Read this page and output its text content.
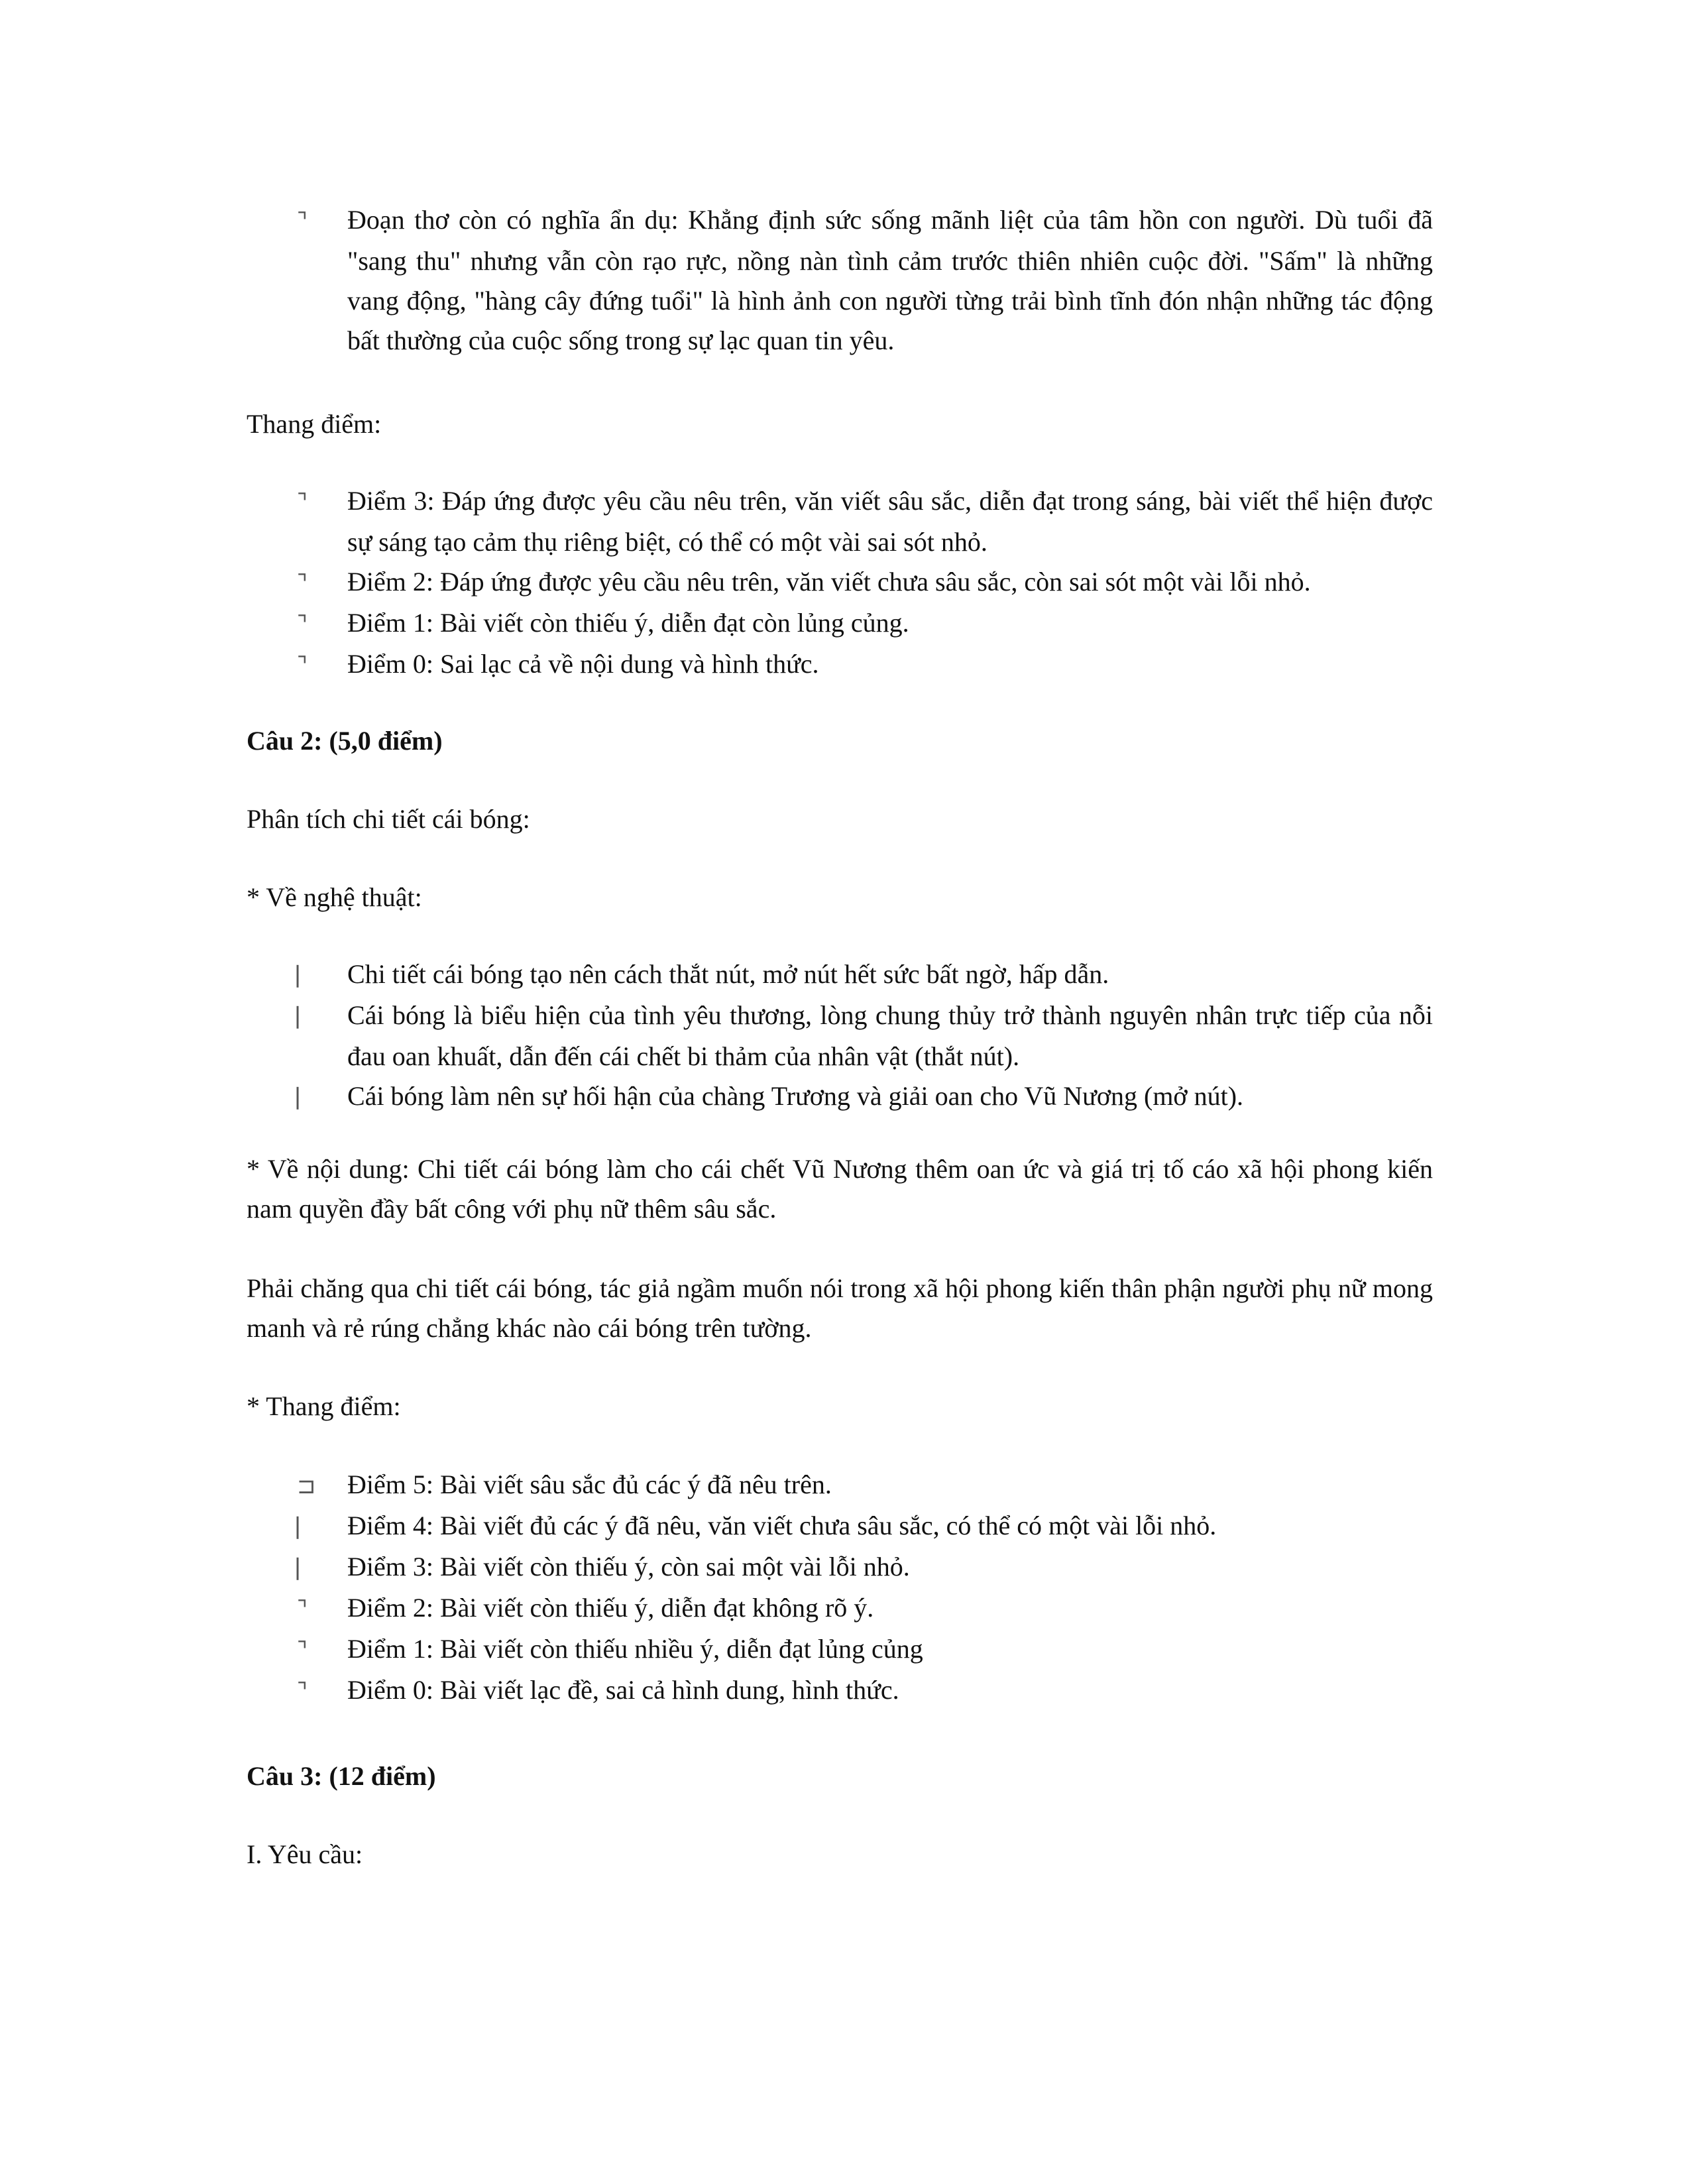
⌝ Đoạn thơ còn có nghĩa ẩn dụ: Khẳng định sức sống mãnh liệt của tâm hồn con người. Dù tuổi đã "sang thu" nhưng vẫn còn rạo rực, nồng nàn tình cảm trước thiên nhiên cuộc đời. "Sấm" là những vang động, "hàng cây đứng tuổi" là hình ảnh con người từng trải bình tĩnh đón nhận những tác động bất thường của cuộc sống trong sự lạc quan tin yêu.

Thang điểm:

⌝ Điểm 3: Đáp ứng được yêu cầu nêu trên, văn viết sâu sắc, diễn đạt trong sáng, bài viết thể hiện được sự sáng tạo cảm thụ riêng biệt, có thể có một vài sai sót nhỏ.
⌝ Điểm 2: Đáp ứng được yêu cầu nêu trên, văn viết chưa sâu sắc, còn sai sót một vài lỗi nhỏ.
⌝ Điểm 1: Bài viết còn thiếu ý, diễn đạt còn lủng củng.
⌝ Điểm 0: Sai lạc cả về nội dung và hình thức.

Câu 2: (5,0 điểm)

Phân tích chi tiết cái bóng:

* Về nghệ thuật:

⎸ Chi tiết cái bóng tạo nên cách thắt nút, mở nút hết sức bất ngờ, hấp dẫn.
⎸ Cái bóng là biểu hiện của tình yêu thương, lòng chung thủy trở thành nguyên nhân trực tiếp của nỗi đau oan khuất, dẫn đến cái chết bi thảm của nhân vật (thắt nút).
⎸ Cái bóng làm nên sự hối hận của chàng Trương và giải oan cho Vũ Nương (mở nút).

* Về nội dung: Chi tiết cái bóng làm cho cái chết Vũ Nương thêm oan ức và giá trị tố cáo xã hội phong kiến nam quyền đầy bất công với phụ nữ thêm sâu sắc.

Phải chăng qua chi tiết cái bóng, tác giả ngầm muốn nói trong xã hội phong kiến thân phận người phụ nữ mong manh và rẻ rúng chẳng khác nào cái bóng trên tường.

* Thang điểm:

⊐ Điểm 5: Bài viết sâu sắc đủ các ý đã nêu trên.
⎸ Điểm 4: Bài viết đủ các ý đã nêu, văn viết chưa sâu sắc, có thể có một vài lỗi nhỏ.
⎸ Điểm 3: Bài viết còn thiếu ý, còn sai một vài lỗi nhỏ.
⌝ Điểm 2: Bài viết còn thiếu ý, diễn đạt không rõ ý.
⌝ Điểm 1: Bài viết còn thiếu nhiều ý, diễn đạt lủng củng
⌝ Điểm 0: Bài viết lạc đề, sai cả hình dung, hình thức.

Câu 3: (12 điểm)

I. Yêu cầu:
